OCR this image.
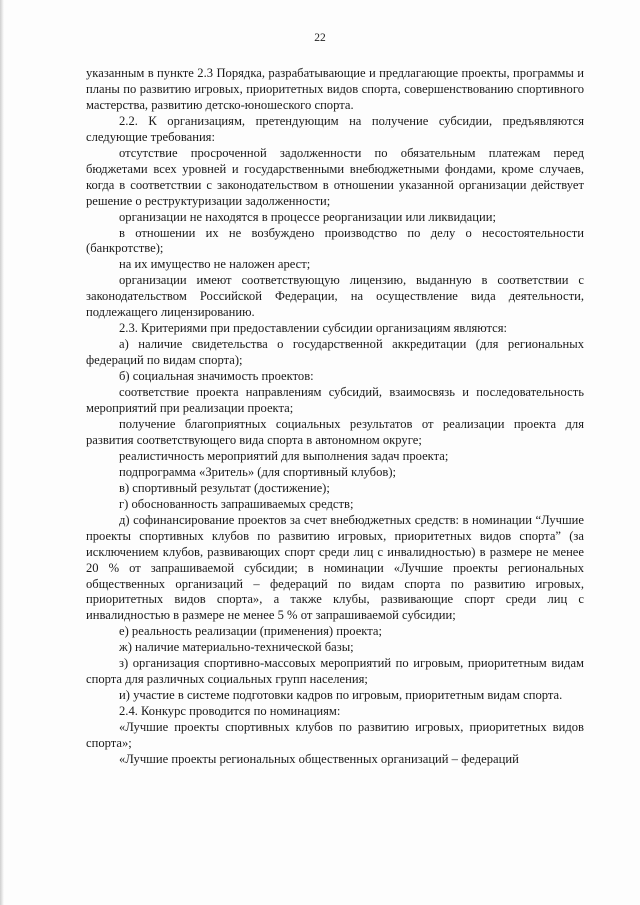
22

указанным в пункте 2.3 Порядка, разрабатывающие и предлагающие проекты, программы и планы по развитию игровых, приоритетных видов спорта, совершенствованию спортивного мастерства, развитию детско-юношеского спорта.

2.2. К организациям, претендующим на получение субсидии, предъявляются следующие требования:

отсутствие просроченной задолженности по обязательным платежам перед бюджетами всех уровней и государственными внебюджетными фондами, кроме случаев, когда в соответствии с законодательством в отношении указанной организации действует решение о реструктуризации задолженности;

организации не находятся в процессе реорганизации или ликвидации;

в отношении их не возбуждено производство по делу о несостоятельности (банкротстве);

на их имущество не наложен арест;

организации имеют соответствующую лицензию, выданную в соответствии с законодательством Российской Федерации, на осуществление вида деятельности, подлежащего лицензированию.

2.3. Критериями при предоставлении субсидии организациям являются:

а) наличие свидетельства о государственной аккредитации (для региональных федераций по видам спорта);

б) социальная значимость проектов:

соответствие проекта направлениям субсидий, взаимосвязь и последовательность мероприятий при реализации проекта;

получение благоприятных социальных результатов от реализации проекта для развития соответствующего вида спорта в автономном округе;

реалистичность мероприятий для выполнения задач проекта;

подпрограмма «Зритель» (для спортивный клубов);

в) спортивный результат (достижение);

г) обоснованность запрашиваемых средств;

д) софинансирование проектов за счет внебюджетных средств: в номинации “Лучшие проекты спортивных клубов по развитию игровых, приоритетных видов спорта” (за исключением клубов, развивающих спорт среди лиц с инвалидностью) в размере не менее 20 % от запрашиваемой субсидии; в номинации «Лучшие проекты региональных общественных организаций – федераций по видам спорта по развитию игровых, приоритетных видов спорта», а также клубы, развивающие спорт среди лиц с инвалидностью в размере не менее 5 % от запрашиваемой субсидии;

е) реальность реализации (применения) проекта;

ж) наличие материально-технической базы;

з) организация спортивно-массовых мероприятий по игровым, приоритетным видам спорта для различных социальных групп населения;

и) участие в системе подготовки кадров по игровым, приоритетным видам спорта.

2.4. Конкурс проводится по номинациям:

«Лучшие проекты спортивных клубов по развитию игровых, приоритетных видов спорта»;

«Лучшие проекты региональных общественных организаций – федераций
